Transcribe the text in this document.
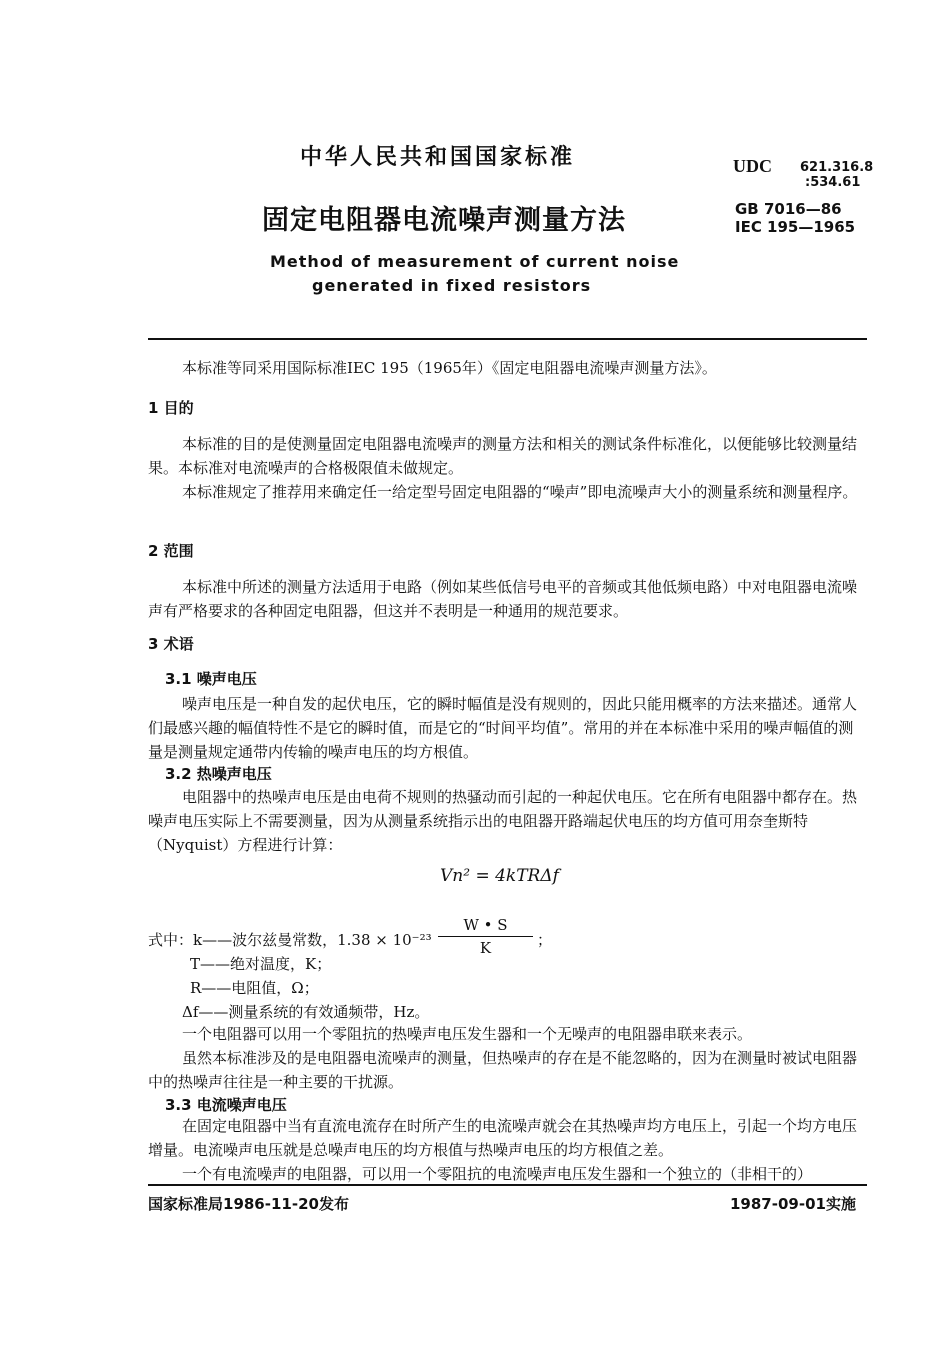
中华人民共和国国家标准	UDC 621.316.8
:534.61
固定电阻器电流噪声测量方法	GB 7016—86
IEC 195—1965
Method of measurement of current noise
generated in fixed resistors
本标准等同采用国际标准IEC 195（1965年）《固定电阻器电流噪声测量方法》。
1 目的
本标准的目的是使测量固定电阻器电流噪声的测量方法和相关的测试条件标准化，以便能够比较测量结果。本标准对电流噪声的合格极限值未做规定。
本标准规定了推荐用来确定任一给定型号固定电阻器的“噪声”即电流噪声大小的测量系统和测量程序。
2 范围
本标准中所述的测量方法适用于电路（例如某些低信号电平的音频或其他低频电路）中对电阻器电流噪声有严格要求的各种固定电阻器，但这并不表明是一种通用的规范要求。
3 术语
3.1 噪声电压
噪声电压是一种自发的起伏电压，它的瞬时幅值是没有规则的，因此只能用概率的方法来描述。通常人们最感兴趣的幅值特性不是它的瞬时值，而是它的“时间平均值”。常用的并在本标准中采用的噪声幅值的测量是测量规定通带内传输的噪声电压的均方根值。
3.2 热噪声电压
电阻器中的热噪声电压是由电荷不规则的热骚动而引起的一种起伏电压。它在所有电阻器中都存在。热噪声电压实际上不需要测量，因为从测量系统指示出的电阻器开路端起伏电压的均方值可用奈奎斯特（Nyquist）方程进行计算：
Vn² = 4kTRΔf
式中：k——波尔兹曼常数，1.38 × 10⁻²³
W • S
K	；
T——绝对温度，K；
R——电阻值，Ω；
Δf——测量系统的有效通频带，Hz。
一个电阻器可以用一个零阻抗的热噪声电压发生器和一个无噪声的电阻器串联来表示。
虽然本标准涉及的是电阻器电流噪声的测量，但热噪声的存在是不能忽略的，因为在测量时被试电阻器中的热噪声往往是一种主要的干扰源。
3.3 电流噪声电压
在固定电阻器中当有直流电流存在时所产生的电流噪声就会在其热噪声均方电压上，引起一个均方电压增量。电流噪声电压就是总噪声电压的均方根值与热噪声电压的均方根值之差。
一个有电流噪声的电阻器，可以用一个零阻抗的电流噪声电压发生器和一个独立的（非相干的）
国家标准局1986-11-20发布	1987-09-01实施
